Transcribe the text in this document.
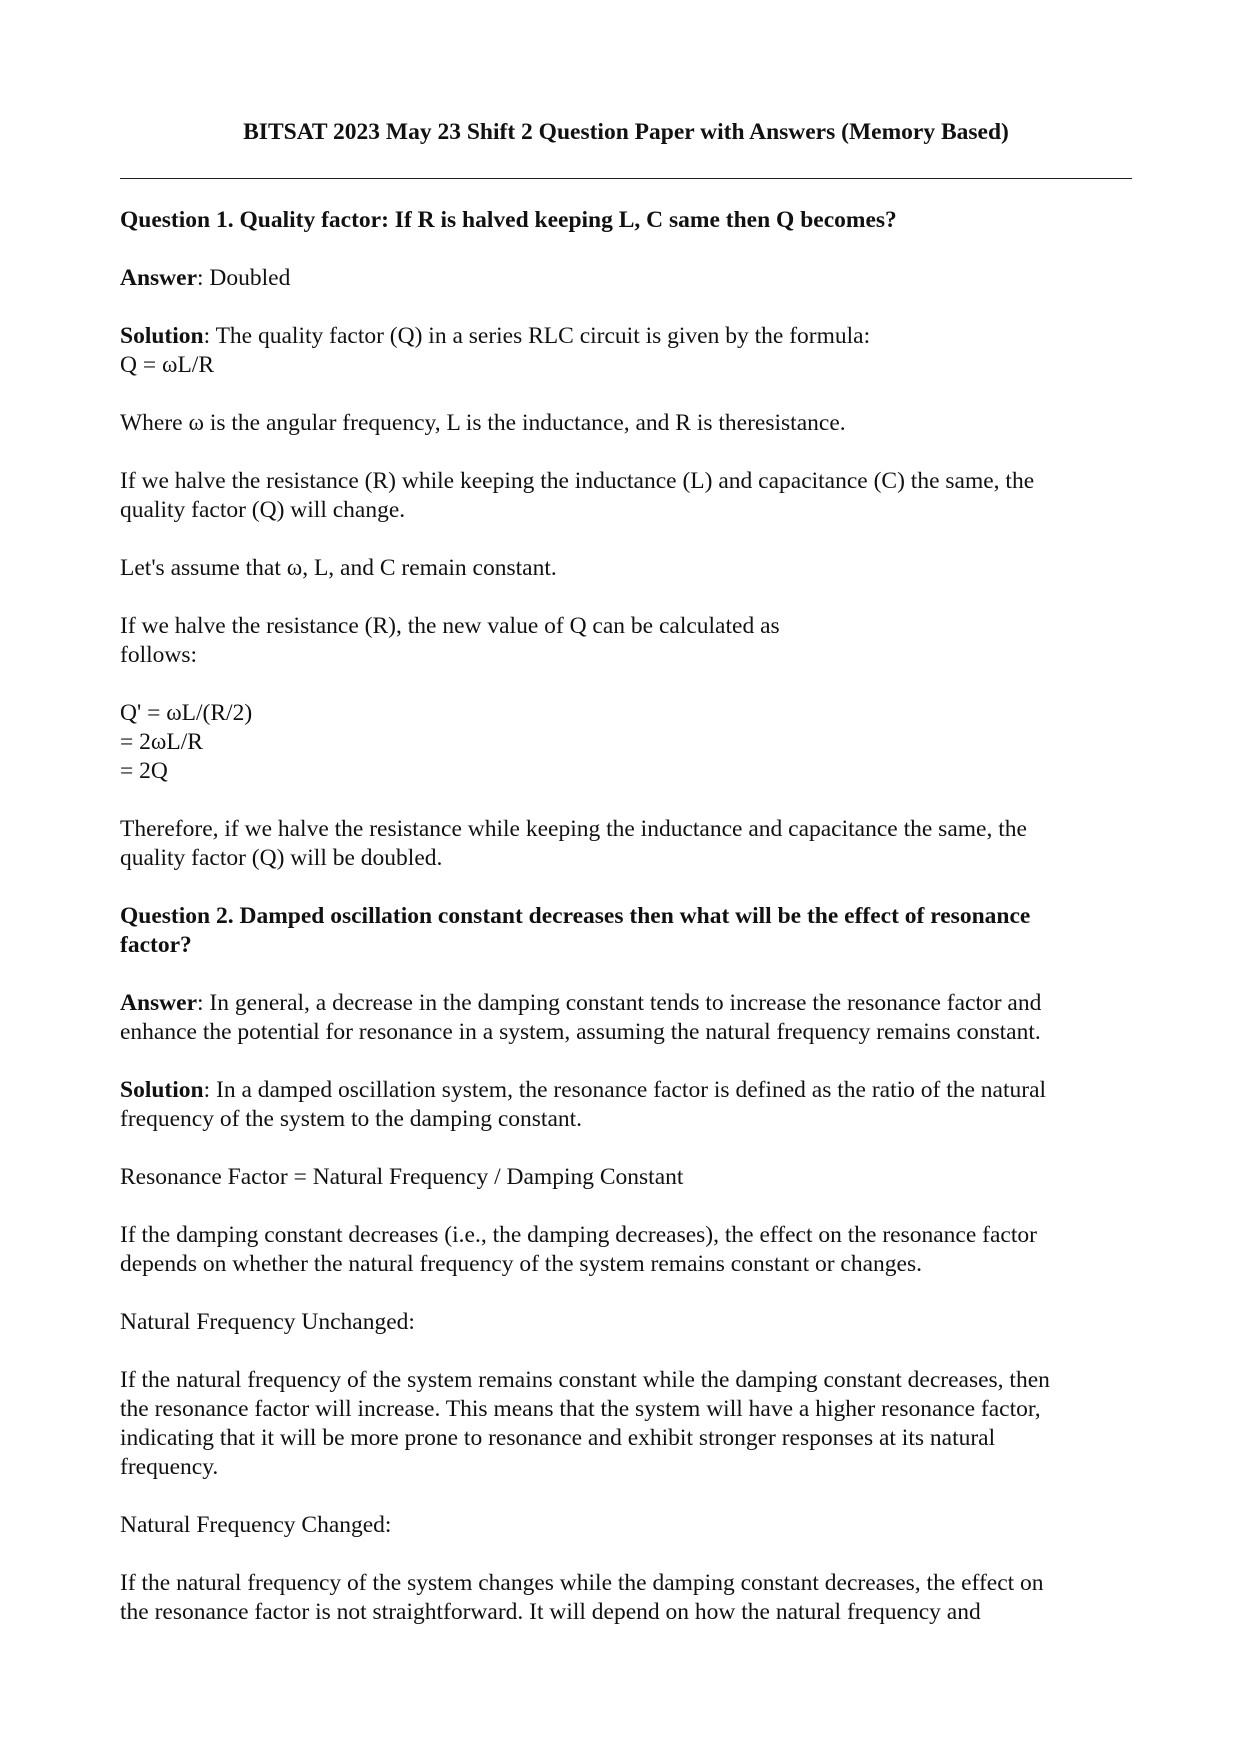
BITSAT 2023 May 23 Shift 2 Question Paper with Answers (Memory Based)
Question 1. Quality factor: If R is halved keeping L, C same then Q becomes?

Answer: Doubled

Solution: The quality factor (Q) in a series RLC circuit is given by the formula:
Q = ωL/R

Where ω is the angular frequency, L is the inductance, and R is theresistance.

If we halve the resistance (R) while keeping the inductance (L) and capacitance (C) the same, the
quality factor (Q) will change.

Let's assume that ω, L, and C remain constant.

If we halve the resistance (R), the new value of Q can be calculated as
follows:

Q' = ωL/(R/2)
= 2ωL/R
= 2Q

Therefore, if we halve the resistance while keeping the inductance and capacitance the same, the
quality factor (Q) will be doubled.

Question 2. Damped oscillation constant decreases then what will be the effect of resonance
factor?

Answer: In general, a decrease in the damping constant tends to increase the resonance factor and
enhance the potential for resonance in a system, assuming the natural frequency remains constant.

Solution: In a damped oscillation system, the resonance factor is defined as the ratio of the natural
frequency of the system to the damping constant.

Resonance Factor = Natural Frequency / Damping Constant

If the damping constant decreases (i.e., the damping decreases), the effect on the resonance factor
depends on whether the natural frequency of the system remains constant or changes.

Natural Frequency Unchanged:

If the natural frequency of the system remains constant while the damping constant decreases, then
the resonance factor will increase. This means that the system will have a higher resonance factor,
indicating that it will be more prone to resonance and exhibit stronger responses at its natural
frequency.

Natural Frequency Changed:

If the natural frequency of the system changes while the damping constant decreases, the effect on
the resonance factor is not straightforward. It will depend on how the natural frequency and
